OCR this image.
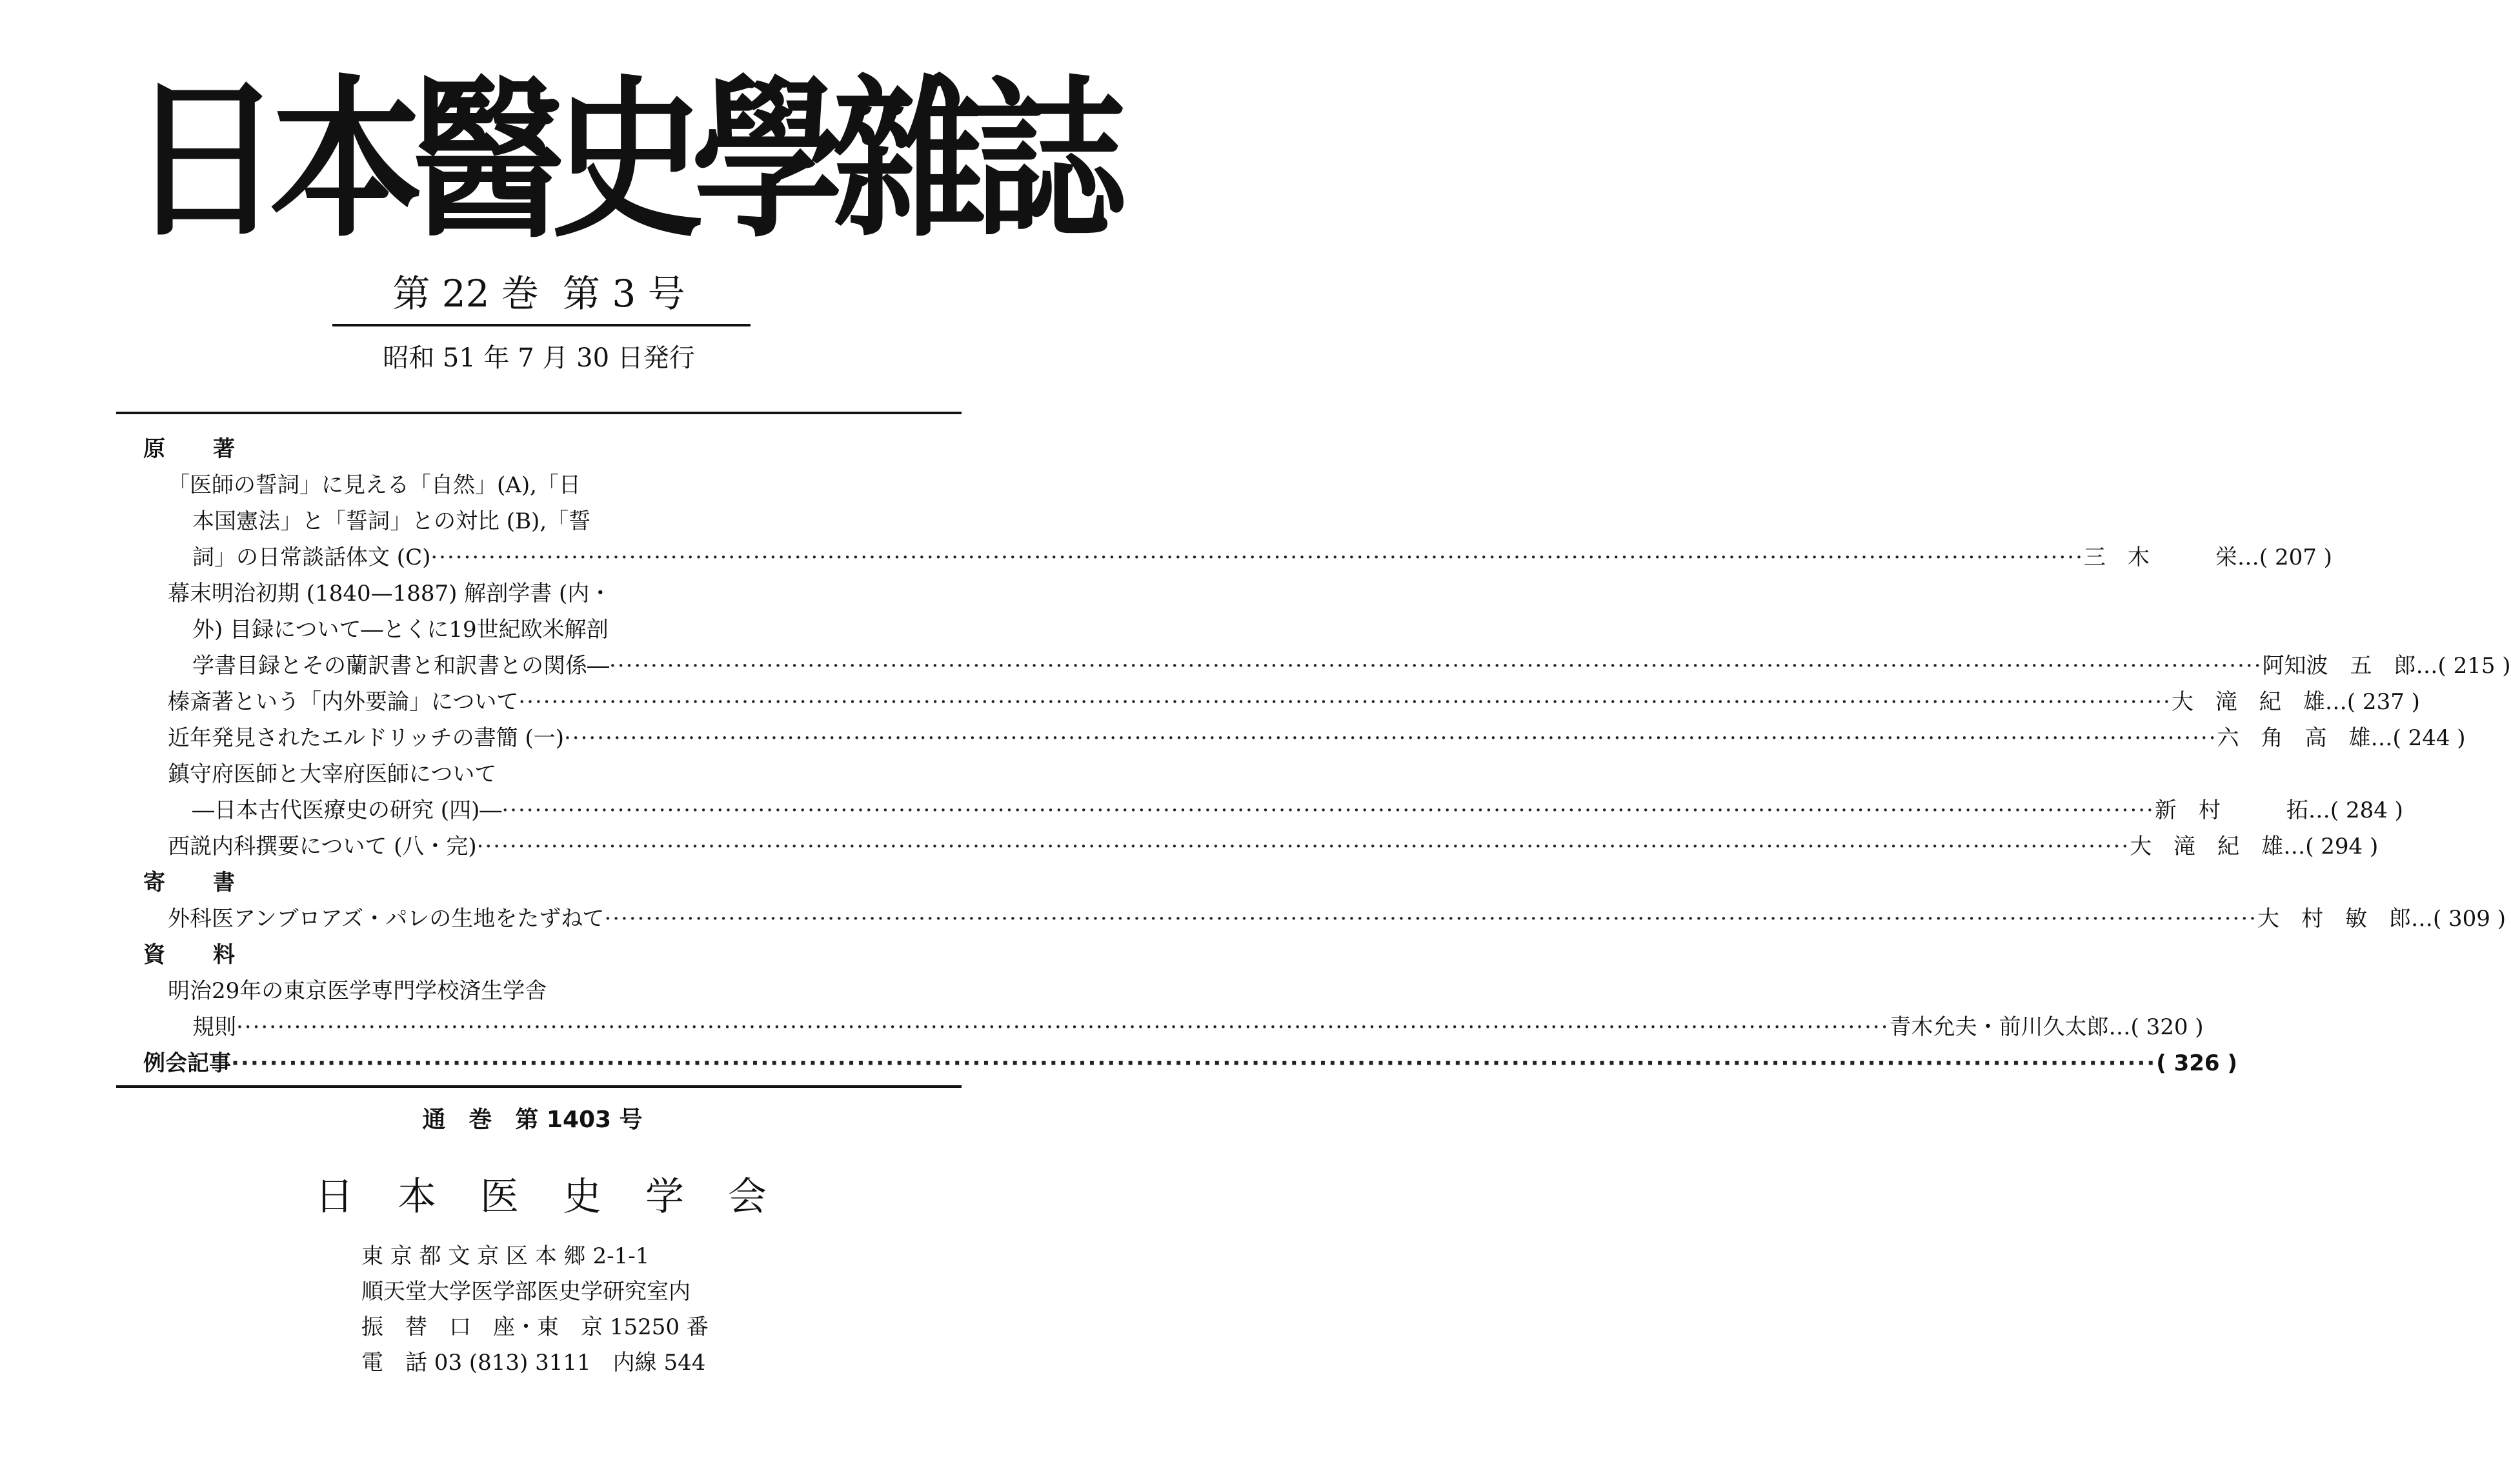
日本醫史學雜誌
第 22 巻  第 3 号
昭和 51 年 7 月 30 日発行
原　　著
「医師の誓詞」に見える「自然」(A),「日
本国憲法」と「誓詞」との対比 (B),「誓
詞」の日常談話体文 (C) ········································································································································································································ 三　木　　　栄 …( 207 )
幕末明治初期 (1840—1887) 解剖学書 (内・
外) 目録について―とくに19世紀欧米解剖
学書目録とその蘭訳書と和訳書との関係― ········································································································································································································ 阿知波　五　郎 …( 215 )
榛斎著という「内外要論」について ········································································································································································································ 大　滝　紀　雄 …( 237 )
近年発見されたエルドリッチの書簡 (一) ········································································································································································································ 六　角　高　雄 …( 244 )
鎮守府医師と大宰府医師について
―日本古代医療史の研究 (四)― ········································································································································································································ 新　村　　　拓 …( 284 )
西説内科撰要について (八・完) ········································································································································································································ 大　滝　紀　雄 …( 294 )
寄　　書
外科医アンブロアズ・パレの生地をたずねて ········································································································································································································ 大　村　敏　郎 …( 309 )
資　　料
明治29年の東京医学専門学校済生学舎
規則 ········································································································································································································ 青木允夫・前川久太郎 …( 320 )
例会記事 ········································································································································································································ ( 326 )
通　巻　第 1403 号
日　本　医　史　学　会
東 京 都 文 京 区 本 郷 2-1-1
順天堂大学医学部医史学研究室内
振　替　口　座・東　京 15250 番
電　話 03 (813) 3111　内線 544
